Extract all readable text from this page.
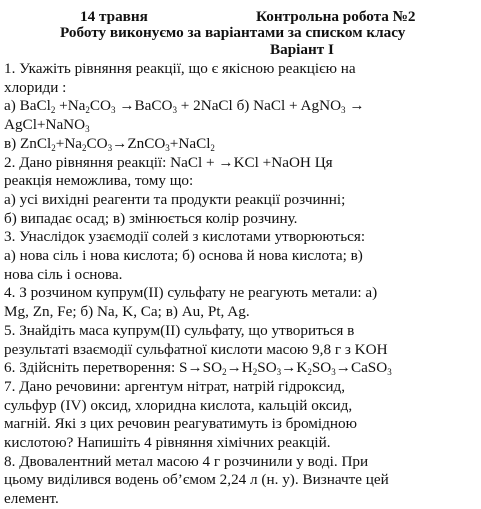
14 травня	Контрольна робота №2
Роботу виконуємо за варіантами за списком класу
Варіант І
1. Укажіть рівняння реакції, що є якісною реакцією на
хлориди :
а) BaCl$_2$ $+Na_2CO_3$ →BaCO$_3$ + 2NaCl б) NaCl + AgNO$_3$ →
AgCl+NaNO$_3$
в) $ZnCl_2+Na_2CO_3\to ZnCO_3+NaCl_2$
2. Дано рівняння реакції: NaCl + →KCl +NaOH Ця
реакція неможлива, тому що:
а) усі вихідні реагенти та продукти реакції розчинні;
б) випадає осад; в) змінюється колір розчину.
3. Унаслідок узаємодії солей з кислотами утворюються:
а) нова сіль і нова кислота; б) основа й нова кислота; в)
нова сіль і основа.
4. З розчином купрум(ІІ) сульфату не реагують метали: а)
Mg, Zn, Fe; б) Na, K, Ca; в) Au, Pt, Ag.
5. Знайдіть маса купрум(ІІ) сульфату, що утвориться в
результаті взаємодії сульфатної кислоти масою 9,8 г з KOH
6. Здійсніть перетворення: $S\to SO_2\to H_2SO_3\to K_2SO_3\to CaSO_3$
7. Дано речовини: аргентум нітрат, натрій гідроксид,
сульфур (IV) оксид, хлоридна кислота, кальцій оксид,
магній. Які з цих речовин реагуватимуть із бромідною
кислотою? Напишіть 4 рівняння хімічних реакцій.
8. Двовалентний метал масою 4 г розчинили у воді. При
цьому виділився водень об’ємом 2,24 л (н. у). Визначте цей
елемент.
